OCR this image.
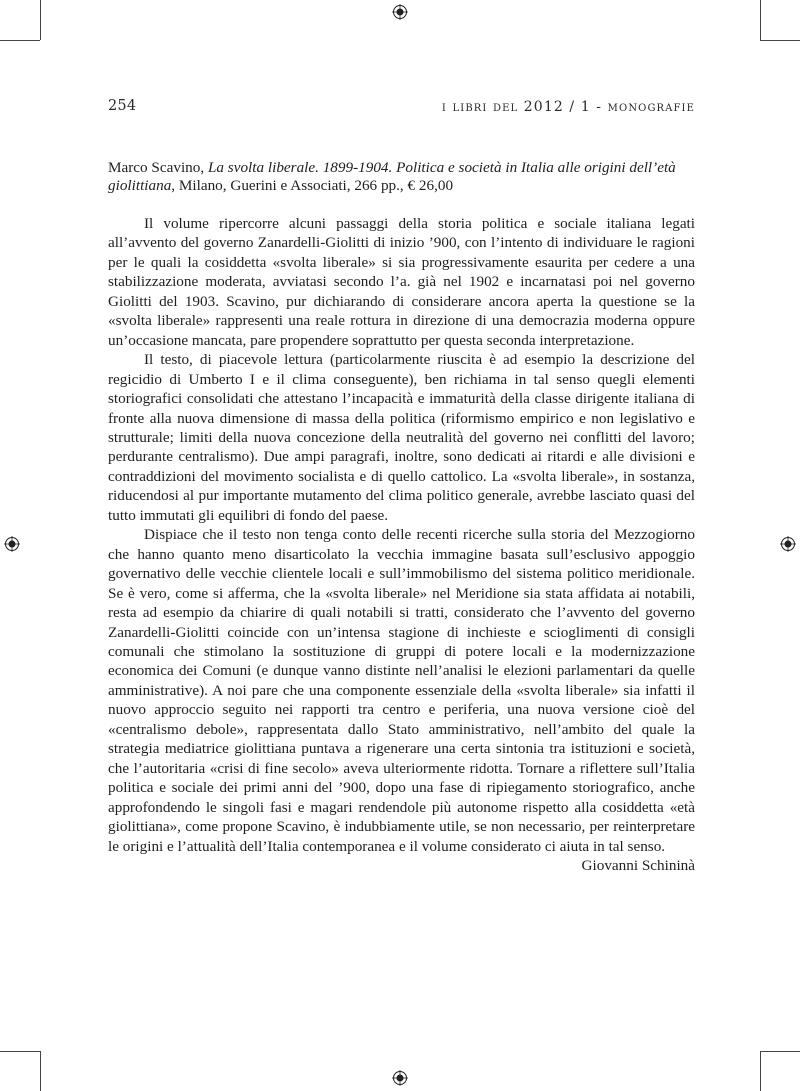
254	i libri del 2012 / 1 - monografie
Marco Scavino, La svolta liberale. 1899-1904. Politica e società in Italia alle origini dell’età giolittiana, Milano, Guerini e Associati, 266 pp., € 26,00

Il volume ripercorre alcuni passaggi della storia politica e sociale italiana legati all’avvento del governo Zanardelli-Giolitti di inizio ’900, con l’intento di individuare le ragioni per le quali la cosiddetta «svolta liberale» si sia progressivamente esaurita per cedere a una stabilizzazione moderata, avviatasi secondo l’a. già nel 1902 e incarnatasi poi nel governo Giolitti del 1903. Scavino, pur dichiarando di considerare ancora aperta la questione se la «svolta liberale» rappresenti una reale rottura in direzione di una democrazia moderna oppure un’occasione mancata, pare propendere soprattutto per questa seconda interpretazione.

Il testo, di piacevole lettura (particolarmente riuscita è ad esempio la descrizione del regicidio di Umberto I e il clima conseguente), ben richiama in tal senso quegli elementi storiografici consolidati che attestano l’incapacità e immaturità della classe dirigente italiana di fronte alla nuova dimensione di massa della politica (riformismo empirico e non legislativo e strutturale; limiti della nuova concezione della neutralità del governo nei conflitti del lavoro; perdurante centralismo). Due ampi paragrafi, inoltre, sono dedicati ai ritardi e alle divisioni e contraddizioni del movimento socialista e di quello cattolico. La «svolta liberale», in sostanza, riducendosi al pur importante mutamento del clima politico generale, avrebbe lasciato quasi del tutto immutati gli equilibri di fondo del paese.

Dispiace che il testo non tenga conto delle recenti ricerche sulla storia del Mezzogiorno che hanno quanto meno disarticolato la vecchia immagine basata sull’esclusivo appoggio governativo delle vecchie clientele locali e sull’immobilismo del sistema politico meridionale. Se è vero, come si afferma, che la «svolta liberale» nel Meridione sia stata affidata ai notabili, resta ad esempio da chiarire di quali notabili si tratti, considerato che l’avvento del governo Zanardelli-Giolitti coincide con un’intensa stagione di inchieste e scioglimenti di consigli comunali che stimolano la sostituzione di gruppi di potere locali e la modernizzazione economica dei Comuni (e dunque vanno distinte nell’analisi le elezioni parlamentari da quelle amministrative). A noi pare che una componente essenziale della «svolta liberale» sia infatti il nuovo approccio seguito nei rapporti tra centro e periferia, una nuova versione cioè del «centralismo debole», rappresentata dallo Stato amministrativo, nell’ambito del quale la strategia mediatrice giolittiana puntava a rigenerare una certa sintonia tra istituzioni e società, che l’autoritaria «crisi di fine secolo» aveva ulteriormente ridotta. Tornare a riflettere sull’Italia politica e sociale dei primi anni del ’900, dopo una fase di ripiegamento storiografico, anche approfondendo le singoli fasi e magari rendendole più autonome rispetto alla cosiddetta «età giolittiana», come propone Scavino, è indubbiamente utile, se non necessario, per reinterpretare le origini e l’attualità dell’Italia contemporanea e il volume considerato ci aiuta in tal senso.

Giovanni Schininà
